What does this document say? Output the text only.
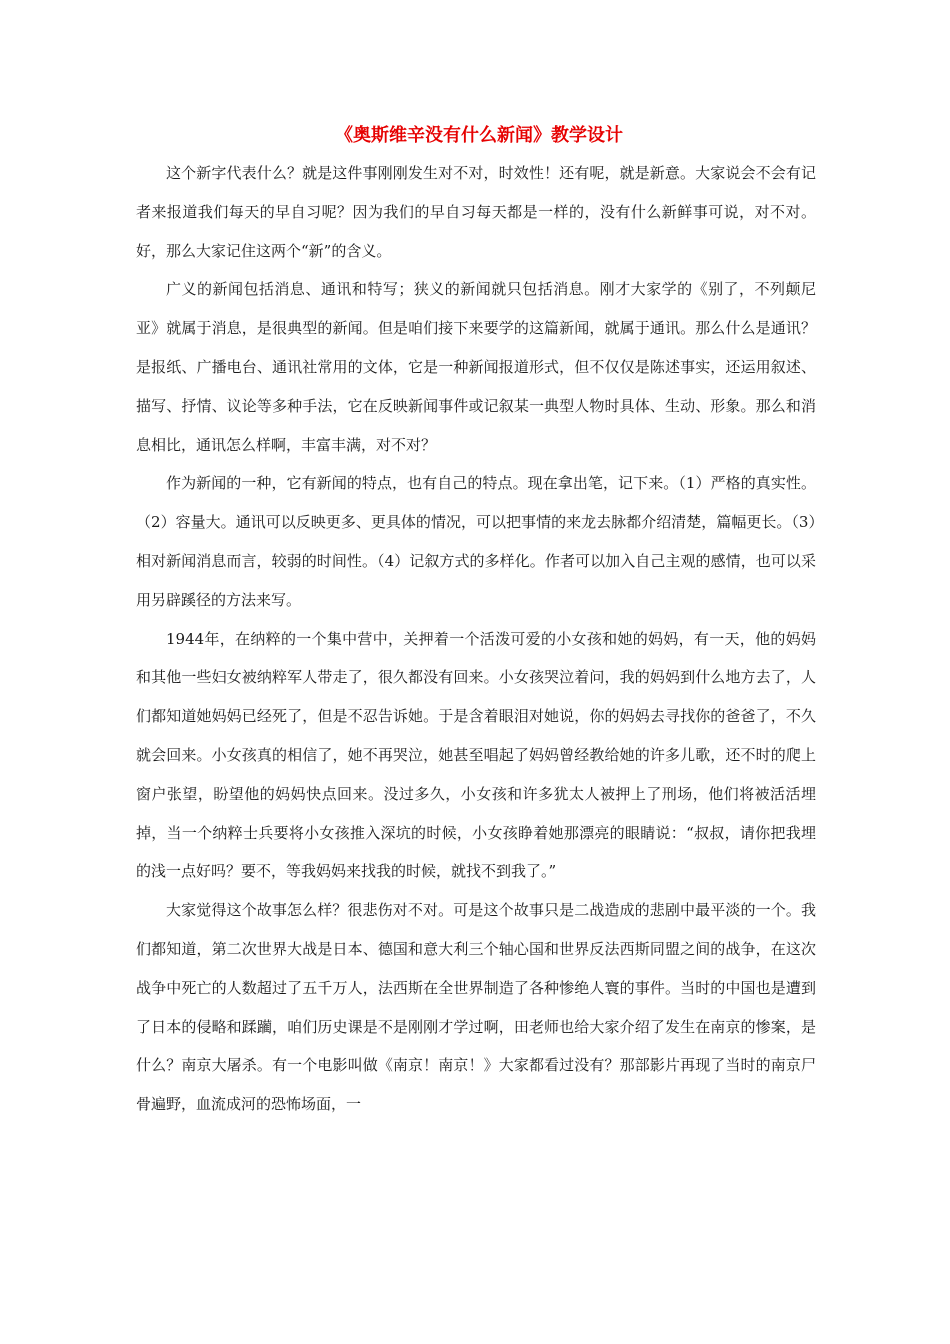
《奥斯维辛没有什么新闻》教学设计

这个新字代表什么？就是这件事刚刚发生对不对，时效性！还有呢，就是新意。大家说会不会有记者来报道我们每天的早自习呢？因为我们的早自习每天都是一样的，没有什么新鲜事可说，对不对。好，那么大家记住这两个“新”的含义。

广义的新闻包括消息、通讯和特写；狭义的新闻就只包括消息。刚才大家学的《别了，不列颠尼亚》就属于消息，是很典型的新闻。但是咱们接下来要学的这篇新闻，就属于通讯。那么什么是通讯？是报纸、广播电台、通讯社常用的文体，它是一种新闻报道形式，但不仅仅是陈述事实，还运用叙述、描写、抒情、议论等多种手法，它在反映新闻事件或记叙某一典型人物时具体、生动、形象。那么和消息相比，通讯怎么样啊，丰富丰满，对不对？

作为新闻的一种，它有新闻的特点，也有自己的特点。现在拿出笔，记下来。（1）严格的真实性。（2）容量大。通讯可以反映更多、更具体的情况，可以把事情的来龙去脉都介绍清楚，篇幅更长。（3）相对新闻消息而言，较弱的时间性。（4）记叙方式的多样化。作者可以加入自己主观的感情，也可以采用另辟蹊径的方法来写。

1944年，在纳粹的一个集中营中，关押着一个活泼可爱的小女孩和她的妈妈，有一天，他的妈妈和其他一些妇女被纳粹军人带走了，很久都没有回来。小女孩哭泣着问，我的妈妈到什么地方去了，人们都知道她妈妈已经死了，但是不忍告诉她。于是含着眼泪对她说，你的妈妈去寻找你的爸爸了，不久就会回来。小女孩真的相信了，她不再哭泣，她甚至唱起了妈妈曾经教给她的许多儿歌，还不时的爬上窗户张望，盼望他的妈妈快点回来。没过多久，小女孩和许多犹太人被押上了刑场，他们将被活活埋掉，当一个纳粹士兵要将小女孩推入深坑的时候，小女孩睁着她那漂亮的眼睛说：“叔叔，请你把我埋的浅一点好吗？要不，等我妈妈来找我的时候，就找不到我了。”

大家觉得这个故事怎么样？很悲伤对不对。可是这个故事只是二战造成的悲剧中最平淡的一个。我们都知道，第二次世界大战是日本、德国和意大利三个轴心国和世界反法西斯同盟之间的战争，在这次战争中死亡的人数超过了五千万人，法西斯在全世界制造了各种惨绝人寰的事件。当时的中国也是遭到了日本的侵略和蹂躏，咱们历史课是不是刚刚才学过啊，田老师也给大家介绍了发生在南京的惨案，是什么？南京大屠杀。有一个电影叫做《南京！南京！》大家都看过没有？那部影片再现了当时的南京尸骨遍野，血流成河的恐怖场面，一
